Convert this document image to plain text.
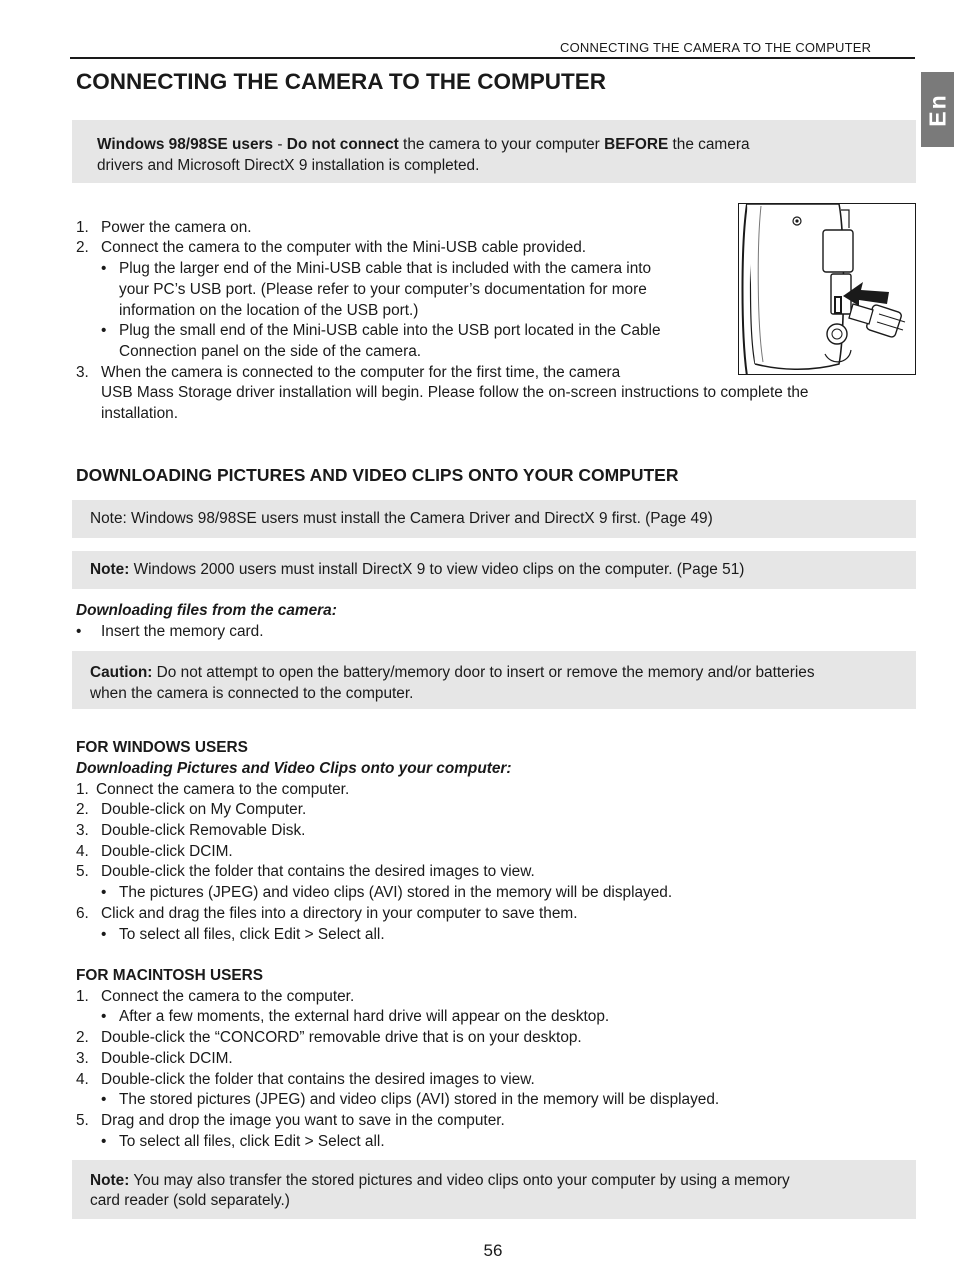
CONNECTING THE CAMERA TO THE COMPUTER
En
CONNECTING THE CAMERA TO THE COMPUTER

Windows 98/98SE users - Do not connect the camera to your computer BEFORE the camera

drivers and Microsoft DirectX 9 installation is completed.

1. Power the camera on.
2. Connect the camera to the computer with the Mini-USB cable provided.
• Plug the larger end of the Mini-USB cable that is included with the camera into
your PC’s USB port. (Please refer to your computer’s documentation for more
information on the location of the USB port.)
• Plug the small end of the Mini-USB cable into the USB port located in the Cable
Connection panel on the side of the camera.
3. When the camera is connected to the computer for the first time, the camera
USB Mass Storage driver installation will begin. Please follow the on-screen instructions to complete the
installation.
DOWNLOADING PICTURES AND VIDEO CLIPS ONTO YOUR COMPUTER

Note: Windows 98/98SE users must install the Camera Driver and DirectX 9 first. (Page 49)

Note: Windows 2000 users must install DirectX 9 to view video clips on the computer. (Page 51)

Downloading files from the camera:
• Insert the memory card.

Caution: Do not attempt to open the battery/memory door to insert or remove the memory and/or batteries

when the camera is connected to the computer.

FOR WINDOWS USERS
Downloading Pictures and Video Clips onto your computer:
1. Connect the camera to the computer.
2. Double-click on My Computer.
3. Double-click Removable Disk.
4. Double-click DCIM.
5. Double-click the folder that contains the desired images to view.
• The pictures (JPEG) and video clips (AVI) stored in the memory will be displayed.
6. Click and drag the files into a directory in your computer to save them.
• To select all files, click Edit > Select all.
FOR MACINTOSH USERS
1. Connect the camera to the computer.
• After a few moments, the external hard drive will appear on the desktop.
2. Double-click the “CONCORD” removable drive that is on your desktop.
3. Double-click DCIM.
4. Double-click the folder that contains the desired images to view.
• The stored pictures (JPEG) and video clips (AVI) stored in the memory will be displayed.
5. Drag and drop the image you want to save in the computer.
• To select all files, click Edit > Select all.

Note: You may also transfer the stored pictures and video clips onto your computer by using a memory

card reader (sold separately.)

56
